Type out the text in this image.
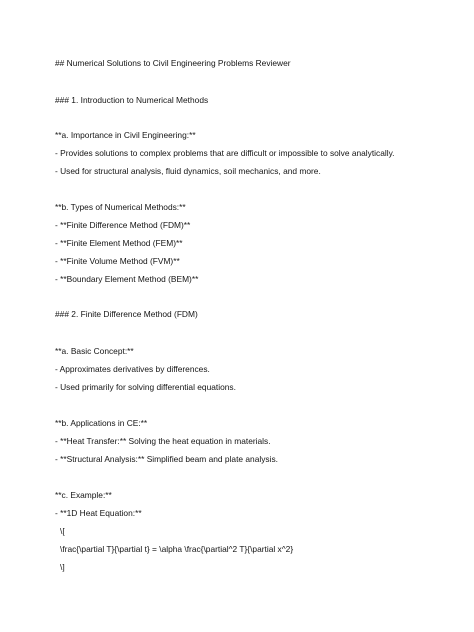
## Numerical Solutions to Civil Engineering Problems Reviewer
### 1. Introduction to Numerical Methods
**a. Importance in Civil Engineering:**
- Provides solutions to complex problems that are difficult or impossible to solve analytically.
- Used for structural analysis, fluid dynamics, soil mechanics, and more.
**b. Types of Numerical Methods:**
- **Finite Difference Method (FDM)**
- **Finite Element Method (FEM)**
- **Finite Volume Method (FVM)**
- **Boundary Element Method (BEM)**
### 2. Finite Difference Method (FDM)
**a. Basic Concept:**
- Approximates derivatives by differences.
- Used primarily for solving differential equations.
**b. Applications in CE:**
- **Heat Transfer:** Solving the heat equation in materials.
- **Structural Analysis:** Simplified beam and plate analysis.
**c. Example:**
- **1D Heat Equation:**
\[
\frac{\partial T}{\partial t} = \alpha \frac{\partial^2 T}{\partial x^2}
\]
